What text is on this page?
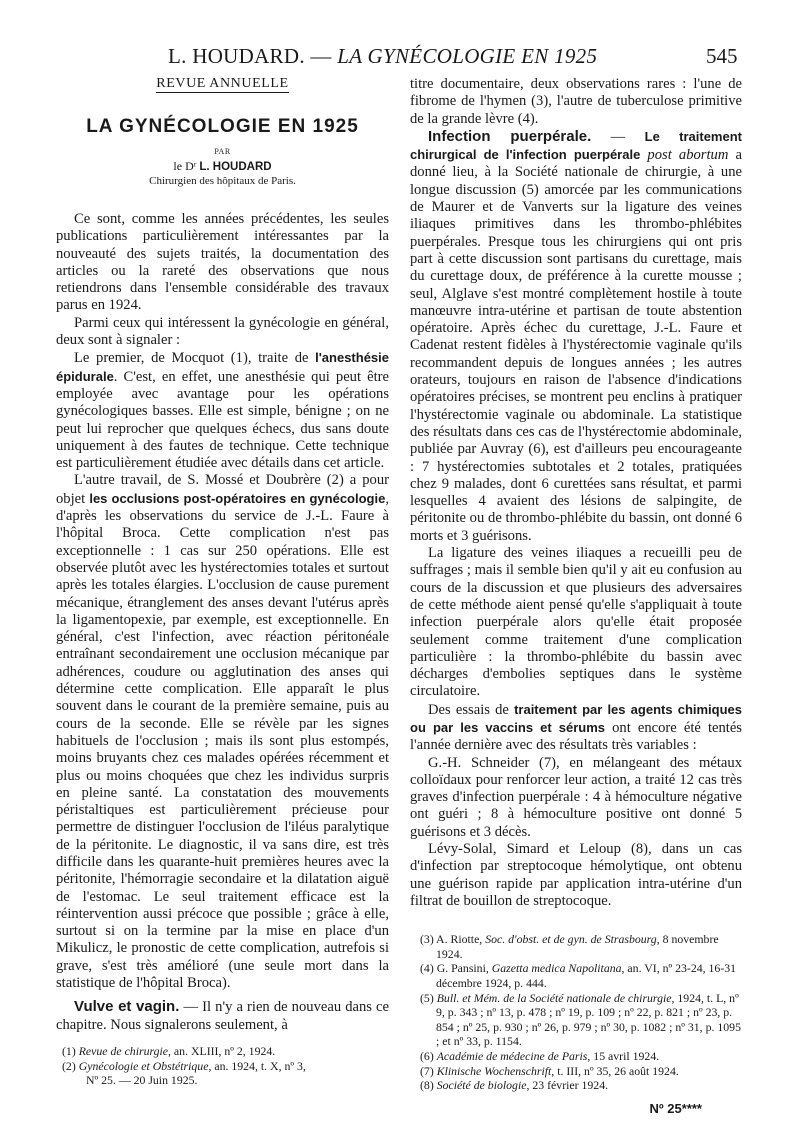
L. HOUDARD. — LA GYNÉCOLOGIE EN 1925	545
REVUE ANNUELLE
LA GYNÉCOLOGIE EN 1925
PAR
le Dʳ L. HOUDARD
Chirurgien des hôpitaux de Paris.

Ce sont, comme les années précédentes, les seules publications particulièrement intéressantes par la nouveauté des sujets traités, la documentation des articles ou la rareté des observations que nous retiendrons dans l'ensemble considérable des travaux parus en 1924.

Parmi ceux qui intéressent la gynécologie en général, deux sont à signaler :

Le premier, de Mocquot (1), traite de l'anesthésie épidurale. C'est, en effet, une anesthésie qui peut être employée avec avantage pour les opérations gynécologiques basses. Elle est simple, bénigne ; on ne peut lui reprocher que quelques échecs, dus sans doute uniquement à des fautes de technique. Cette technique est particulièrement étudiée avec détails dans cet article.

L'autre travail, de S. Mossé et Doubrère (2) a pour objet les occlusions post-opératoires en gynécologie, d'après les observations du service de J.-L. Faure à l'hôpital Broca. Cette complication n'est pas exceptionnelle : 1 cas sur 250 opérations. Elle est observée plutôt avec les hystérectomies totales et surtout après les totales élargies. L'occlusion de cause purement mécanique, étranglement des anses devant l'utérus après la ligamentopexie, par exemple, est exceptionnelle. En général, c'est l'infection, avec réaction péritonéale entraînant secondairement une occlusion mécanique par adhérences, coudure ou agglutination des anses qui détermine cette complication. Elle apparaît le plus souvent dans le courant de la première semaine, puis au cours de la seconde. Elle se révèle par les signes habituels de l'occlusion ; mais ils sont plus estompés, moins bruyants chez ces malades opérées récemment et plus ou moins choquées que chez les individus surpris en pleine santé. La constatation des mouvements péristaltiques est particulièrement précieuse pour permettre de distinguer l'occlusion de l'iléus paralytique de la péritonite. Le diagnostic, il va sans dire, est très difficile dans les quarante-huit premières heures avec la péritonite, l'hémorragie secondaire et la dilatation aiguë de l'estomac. Le seul traitement efficace est la réintervention aussi précoce que possible ; grâce à elle, surtout si on la termine par la mise en place d'un Mikulicz, le pronostic de cette complication, autrefois si grave, s'est très amélioré (une seule mort dans la statistique de l'hôpital Broca).

Vulve et vagin. — Il n'y a rien de nouveau dans ce chapitre. Nous signalerons seulement, à

(1) Revue de chirurgie, an. XLIII, nº 2, 1924.

(2) Gynécologie et Obstétrique, an. 1924, t. X, nº 3,

Nº 25. — 20 Juin 1925.

titre documentaire, deux observations rares : l'une de fibrome de l'hymen (3), l'autre de tuberculose primitive de la grande lèvre (4).

Infection puerpérale. — Le traitement chirurgical de l'infection puerpérale post abortum a donné lieu, à la Société nationale de chirurgie, à une longue discussion (5) amorcée par les communications de Maurer et de Vanverts sur la ligature des veines iliaques primitives dans les thrombo-phlébites puerpérales. Presque tous les chirurgiens qui ont pris part à cette discussion sont partisans du curettage, mais du curettage doux, de préférence à la curette mousse ; seul, Alglave s'est montré complètement hostile à toute manœuvre intra-utérine et partisan de toute abstention opératoire. Après échec du curettage, J.-L. Faure et Cadenat restent fidèles à l'hystérectomie vaginale qu'ils recommandent depuis de longues années ; les autres orateurs, toujours en raison de l'absence d'indications opératoires précises, se montrent peu enclins à pratiquer l'hystérectomie vaginale ou abdominale. La statistique des résultats dans ces cas de l'hystérectomie abdominale, publiée par Auvray (6), est d'ailleurs peu encourageante : 7 hystérectomies subtotales et 2 totales, pratiquées chez 9 malades, dont 6 curettées sans résultat, et parmi lesquelles 4 avaient des lésions de salpingite, de péritonite ou de thrombo-phlébite du bassin, ont donné 6 morts et 3 guérisons.

La ligature des veines iliaques a recueilli peu de suffrages ; mais il semble bien qu'il y ait eu confusion au cours de la discussion et que plusieurs des adversaires de cette méthode aient pensé qu'elle s'appliquait à toute infection puerpérale alors qu'elle était proposée seulement comme traitement d'une complication particulière : la thrombo-phlébite du bassin avec décharges d'embolies septiques dans le système circulatoire.

Des essais de traitement par les agents chimiques ou par les vaccins et sérums ont encore été tentés l'année dernière avec des résultats très variables :

G.-H. Schneider (7), en mélangeant des métaux colloïdaux pour renforcer leur action, a traité 12 cas très graves d'infection puerpérale : 4 à hémoculture négative ont guéri ; 8 à hémoculture positive ont donné 5 guérisons et 3 décès.

Lévy-Solal, Simard et Leloup (8), dans un cas d'infection par streptocoque hémolytique, ont obtenu une guérison rapide par application intra-utérine d'un filtrat de bouillon de streptocoque.

(3) A. Riotte, Soc. d'obst. et de gyn. de Strasbourg, 8 novembre 1924.

(4) G. Pansini, Gazetta medica Napolitana, an. VI, nº 23-24, 16-31 décembre 1924, p. 444.

(5) Bull. et Mém. de la Société nationale de chirurgie, 1924, t. L, nº 9, p. 343 ; nº 13, p. 478 ; nº 19, p. 109 ; nº 22, p. 821 ; nº 23, p. 854 ; nº 25, p. 930 ; nº 26, p. 979 ; nº 30, p. 1082 ; nº 31, p. 1095 ; et nº 33, p. 1154.

(6) Académie de médecine de Paris, 15 avril 1924.

(7) Klinische Wochenschrift, t. III, nº 35, 26 août 1924.

(8) Société de biologie, 23 février 1924.

Nº 25****
